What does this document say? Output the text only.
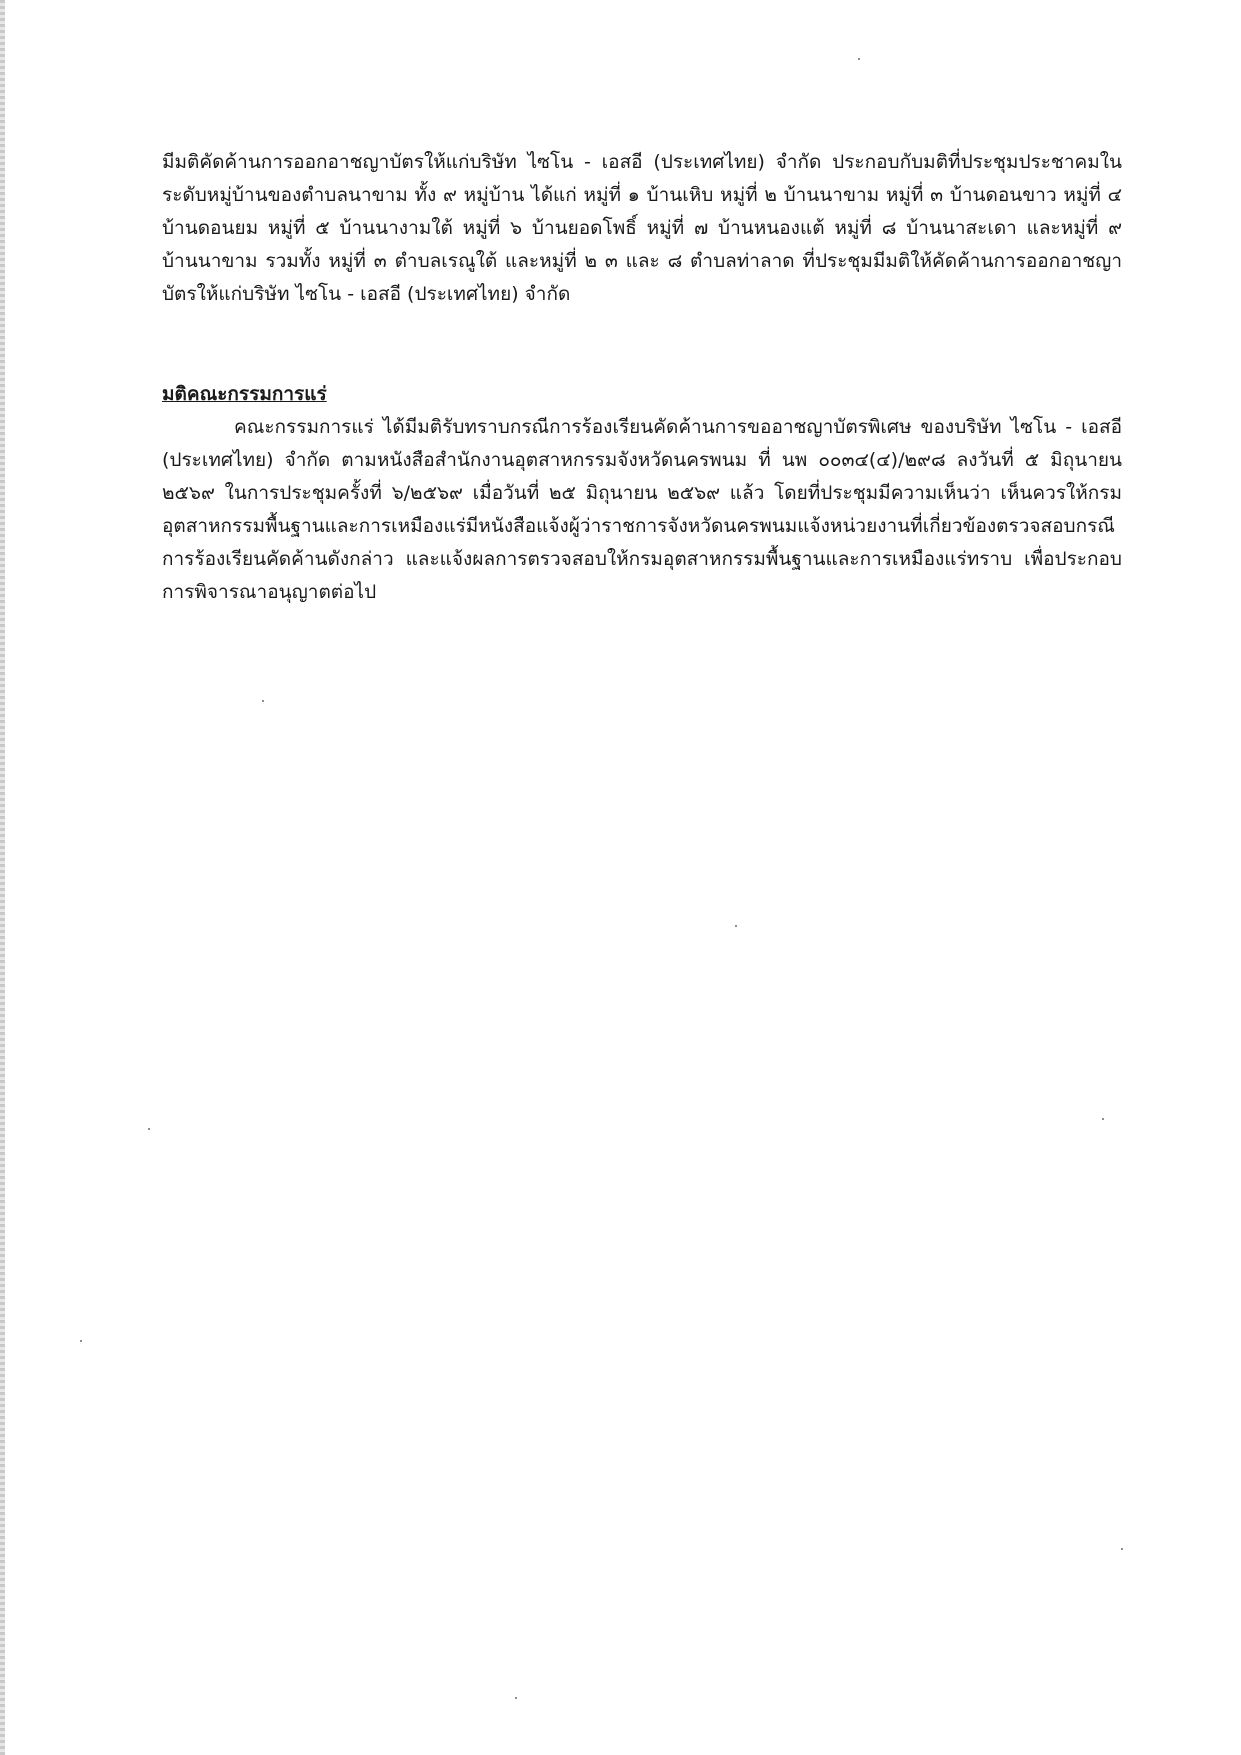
มีมติคัดค้านการออกอาชญาบัตรให้แก่บริษัท ไซโน - เอสอี (ประเทศไทย) จำกัด ประกอบกับมติที่ประชุมประชาคมในระดับหมู่บ้านของตำบลนาขาม ทั้ง ๙ หมู่บ้าน ได้แก่ หมู่ที่ ๑ บ้านเหิบ หมู่ที่ ๒ บ้านนาขาม หมู่ที่ ๓ บ้านดอนขาว หมู่ที่ ๔ บ้านดอนยม หมู่ที่ ๕ บ้านนางามใต้ หมู่ที่ ๖ บ้านยอดโพธิ์ หมู่ที่ ๗ บ้านหนองแต้ หมู่ที่ ๘ บ้านนาสะเดา และหมู่ที่ ๙ บ้านนาขาม รวมทั้ง หมู่ที่ ๓ ตำบลเรณูใต้ และหมู่ที่ ๒ ๓ และ ๘ ตำบลท่าลาด ที่ประชุมมีมติให้คัดค้านการออกอาชญาบัตรให้แก่บริษัท ไซโน - เอสอี (ประเทศไทย) จำกัด

มติคณะกรรมการแร่

คณะกรรมการแร่ ได้มีมติรับทราบกรณีการร้องเรียนคัดค้านการขออาชญาบัตรพิเศษ ของบริษัท ไซโน - เอสอี (ประเทศไทย) จำกัด ตามหนังสือสำนักงานอุตสาหกรรมจังหวัดนครพนม ที่ นพ ๐๐๓๔(๔)/๒๙๘ ลงวันที่ ๕ มิถุนายน ๒๕๖๙ ในการประชุมครั้งที่ ๖/๒๕๖๙ เมื่อวันที่ ๒๕ มิถุนายน ๒๕๖๙ แล้ว โดยที่ประชุมมีความเห็นว่า เห็นควรให้กรมอุตสาหกรรมพื้นฐานและการเหมืองแร่มีหนังสือแจ้งผู้ว่าราชการจังหวัดนครพนมแจ้งหน่วยงานที่เกี่ยวข้องตรวจสอบกรณีการร้องเรียนคัดค้านดังกล่าว และแจ้งผลการตรวจสอบให้กรมอุตสาหกรรมพื้นฐานและการเหมืองแร่ทราบ เพื่อประกอบการพิจารณาอนุญาตต่อไป
